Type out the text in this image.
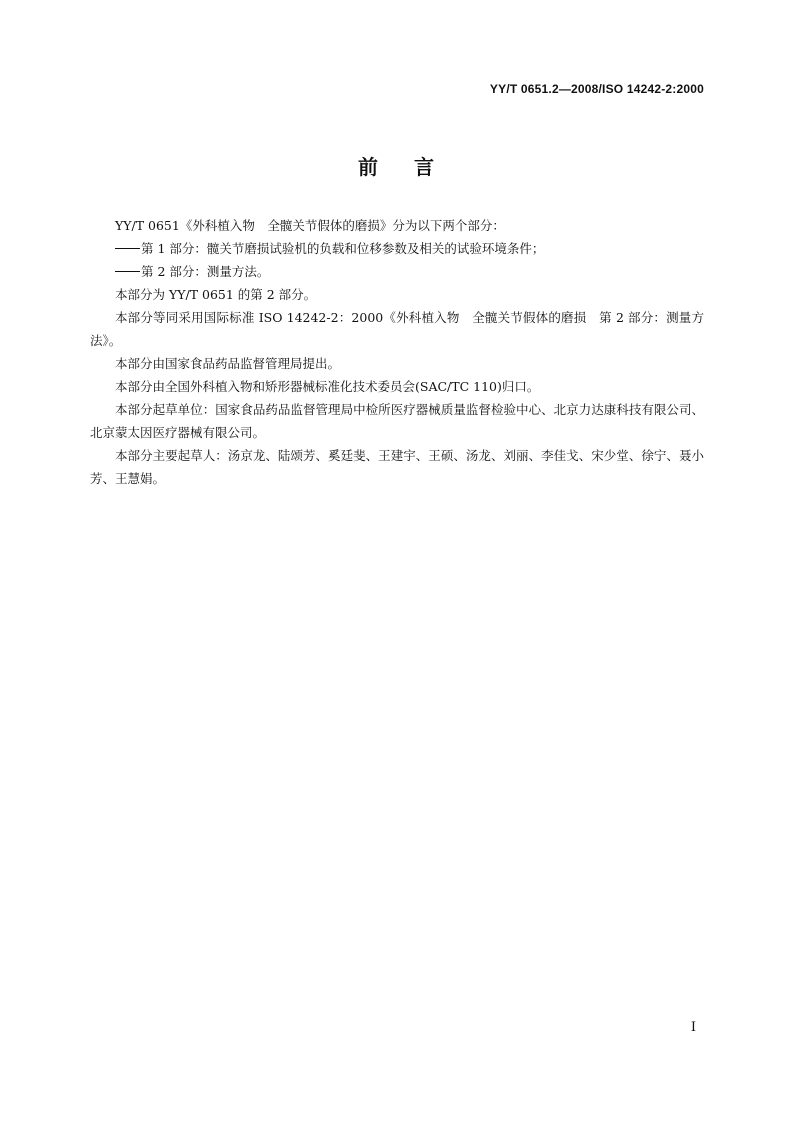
YY/T 0651.2—2008/ISO 14242-2:2000
前 言

YY/T 0651《外科植入物　全髋关节假体的磨损》分为以下两个部分：

第 1 部分：髋关节磨损试验机的负载和位移参数及相关的试验环境条件；

第 2 部分：测量方法。

本部分为 YY/T 0651 的第 2 部分。

本部分等同采用国际标准 ISO 14242-2：2000《外科植入物　全髋关节假体的磨损　第 2 部分：测量方法》。

本部分由国家食品药品监督管理局提出。

本部分由全国外科植入物和矫形器械标准化技术委员会(SAC/TC 110)归口。

本部分起草单位：国家食品药品监督管理局中检所医疗器械质量监督检验中心、北京力达康科技有限公司、北京蒙太因医疗器械有限公司。

本部分主要起草人：汤京龙、陆颂芳、奚廷斐、王建宇、王硕、汤龙、刘丽、李佳戈、宋少堂、徐宁、聂小芳、王慧娟。

I
